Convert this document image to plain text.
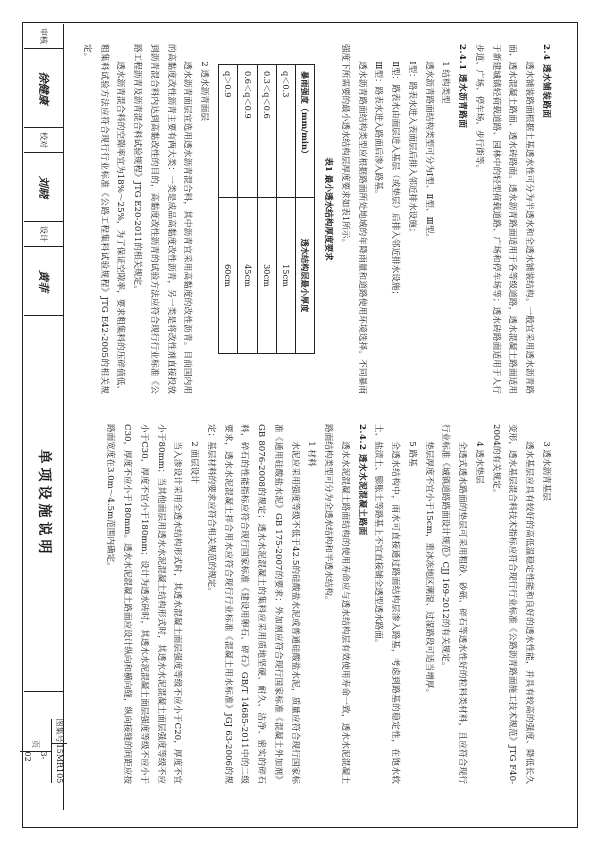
2.4 透水铺装路面

透水铺装路面根据土基透水性可分为半透水和全透水铺装结构。一般宜采用透水沥青路面、透水混凝土路面、透水砖路面。透水沥青路面适用于各等级道路，透水混凝土路面适用于新建城镇轻荷载道路、园林中的轻型荷载道路、广场和停车场等；透水砖路面适用于人行步道、广场、停车场、步行街等。

2.4.1 透水沥青路面

1 结构类型

透水沥青路面结构类型可分为Ⅰ型、Ⅱ型、Ⅲ型。

Ⅰ型：路表水进入表面层后排入邻近排水设施；

Ⅱ型：路表水由面层进入基层（或垫层）后排入邻近排水设施；

Ⅲ型：路表水进入路面后渗入路基。

透水沥青路面结构类型应根据路面所处地域的年降雨量和道路使用环境选择。不同暴雨强度下所需要的最小透水结构层厚度要求如表1所示。

表1 最小透水结构厚度要求

暴雨强度（mm/min）	透水结构层最小厚度
q＜0.3	15cm
0.3＜q＜0.6	30cm
0.6＜q＜0.9	45cm
q＞0.9	60cm

2 透水沥青面层

透水沥青面层宜选用透水沥青混合料，其中沥青宜采用高黏度的改性沥青。目前国内用的高黏度改性沥青主要有两大类：一类是成品高黏度改性沥青，另一类是将改性剂直接投放到沥青混合料内达到高黏改性的目的，高黏度改性沥青的试验方法应符合现行行业标准《公路工程沥青及沥青混合料试验规程》JTG E20-2011的相关规定。

透水沥青混合料的空隙率宜为18%～25%，为了保证空隙率，要求粗集料的压碎值低、粗集料试验方法应符合现行行业标准《公路工程集料试验规程》JTG E42-2005的相关规定。

3 透水沥青基层

透水基层应具有较好的高低温稳定性能和良好的透水性能，并具有较高的强度、降低长久变形，透水基层混合料技术指标应符合现行行业标准《公路沥青路面施工技术规范》JTG F40-2004的有关规定。

4 透水垫层

全透式透水路面的垫层可采用粗砂、砂砾、碎石等透水性好的粒料类材料，且应符合现行行业标准《城镇道路路面设计规范》CJJ 169-2012的有关规定。

垫层厚度不宜小于15cm，重冰冻地区潮湿、过湿路段可适当增厚。

5 路基

全透水结构中，雨水可直接通过路面结构层渗入路基，考虑到路基的稳定性，在饱水软土、盐渍土、膨胀土等路基上不宜直接铺全透型透水路面。

2.4.2 透水水泥混凝土路面

透水水泥混凝土路面结构的使用寿命应与透水结构层有效使用寿命一致，透水水泥混凝土路面结构类型可分为全透水结构和半透水结构。

1 材料

水泥应采用强度等级不低于42.5的硅酸盐水泥或普通硅酸盐水泥，质量应符合现行国家标准《通用硅酸盐水泥》GB 175-2007的要求；外加剂应符合现行国家标准《混凝土外加剂》GB 8076-2008的规定；透水水泥混凝土的集料应采用质地坚硬、耐久、洁净、密实的碎石料，碎石的性能指标应符合现行国家标准《建设用卵石、碎石》GB/T 14685-2011中的二级要求，透水水泥混凝土拌合用水应符合现行行业标准《混凝土用水标准》JGJ 63-2006的规定；基层材料的要求应符合相关规范的规定。

2 面层设计

当入渗设计采用全透水结构形式时，其透水混凝土面层强度等级不应小于C20，厚度不宜小于80mm；当其他面层用透水水泥混凝土结构形式时，其透水水泥混凝土面层强度等级不应小于C30，厚度不宜小于180mm；设计为透水砖时，其透水水泥混凝土面层强度等级不应小于C30，厚度不应小于180mm。透水水泥混凝土路面应设计纵向和横向缝，纵向接缝的间距应按路面宽度在3.0m～4.5m范围内确定。

审核
徐健康
校对
刘晓
设计
黄菲
单项设施说明
图集号
15MR105
页
3-02
